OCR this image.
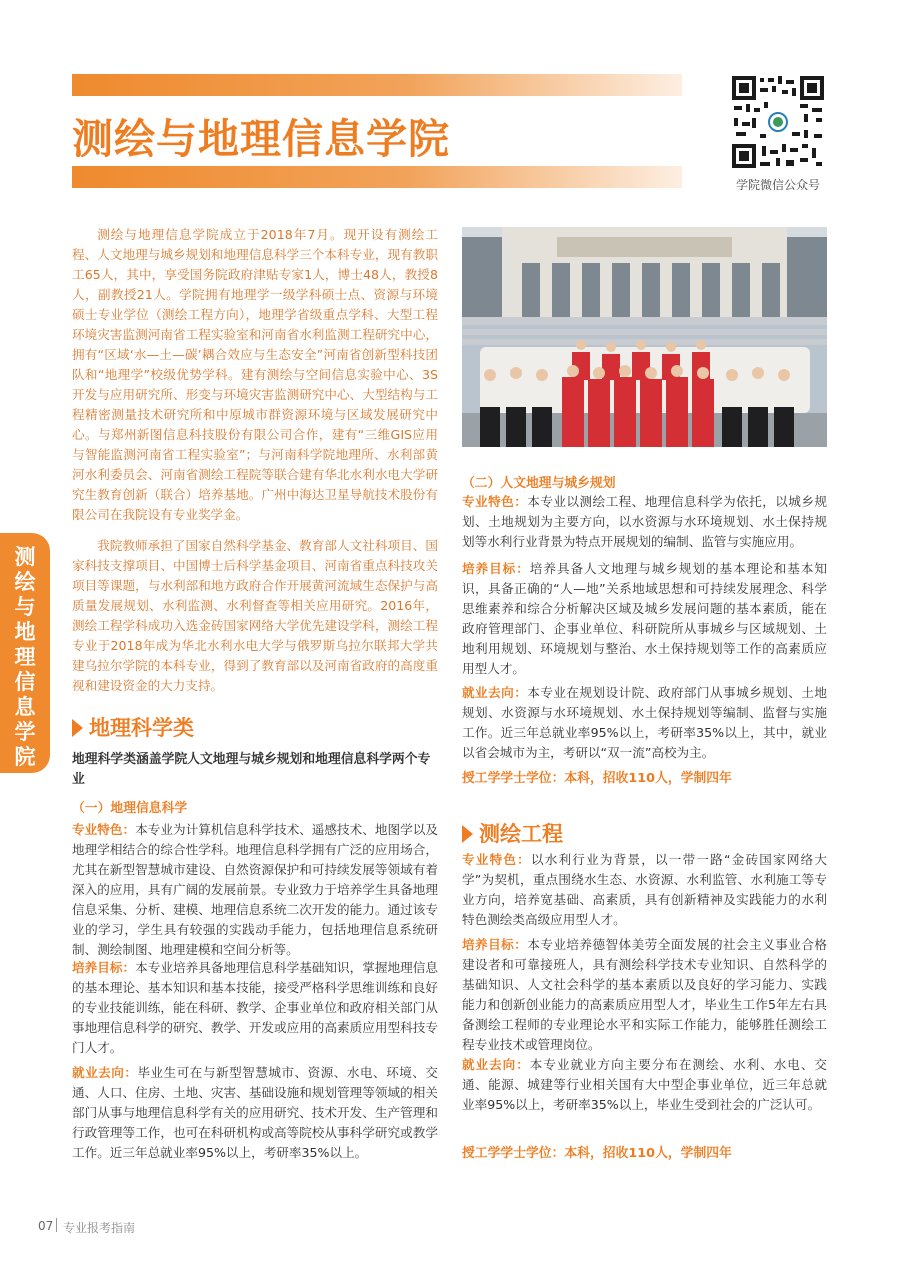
测绘与地理信息学院
学院微信公众号
测绘与地理信息学院
测绘与地理信息学院成立于2018年7月。现开设有测绘工程、人文地理与城乡规划和地理信息科学三个本科专业，现有教职工65人，其中，享受国务院政府津贴专家1人，博士48人，教授8人，副教授21人。学院拥有地理学一级学科硕士点、资源与环境硕士专业学位（测绘工程方向），地理学省级重点学科、大型工程环境灾害监测河南省工程实验室和河南省水利监测工程研究中心，拥有“区域‘水—土—碳’耦合效应与生态安全”河南省创新型科技团队和“地理学”校级优势学科。建有测绘与空间信息实验中心、3S开发与应用研究所、形变与环境灾害监测研究中心、大型结构与工程精密测量技术研究所和中原城市群资源环境与区域发展研究中心。与郑州新图信息科技股份有限公司合作，建有“三维GIS应用与智能监测河南省工程实验室”；与河南科学院地理所、水利部黄河水利委员会、河南省测绘工程院等联合建有华北水利水电大学研究生教育创新（联合）培养基地。广州中海达卫星导航技术股份有限公司在我院设有专业奖学金。
我院教师承担了国家自然科学基金、教育部人文社科项目、国家科技支撑项目、中国博士后科学基金项目、河南省重点科技攻关项目等课题，与水利部和地方政府合作开展黄河流域生态保护与高质量发展规划、水利监测、水利督查等相关应用研究。2016年，测绘工程学科成功入选金砖国家网络大学优先建设学科，测绘工程专业于2018年成为华北水利水电大学与俄罗斯乌拉尔联邦大学共建乌拉尔学院的本科专业，得到了教育部以及河南省政府的高度重视和建设资金的大力支持。
地理科学类
地理科学类涵盖学院人文地理与城乡规划和地理信息科学两个专业
（一）地理信息科学
专业特色：本专业为计算机信息科学技术、遥感技术、地图学以及地理学相结合的综合性学科。地理信息科学拥有广泛的应用场合，尤其在新型智慧城市建设、自然资源保护和可持续发展等领域有着深入的应用，具有广阔的发展前景。专业致力于培养学生具备地理信息采集、分析、建模、地理信息系统二次开发的能力。通过该专业的学习，学生具有较强的实践动手能力，包括地理信息系统研制、测绘制图、地理建模和空间分析等。
培养目标：本专业培养具备地理信息科学基础知识，掌握地理信息的基本理论、基本知识和基本技能，接受严格科学思维训练和良好的专业技能训练，能在科研、教学、企事业单位和政府相关部门从事地理信息科学的研究、教学、开发或应用的高素质应用型科技专门人才。
就业去向：毕业生可在与新型智慧城市、资源、水电、环境、交通、人口、住房、土地、灾害、基础设施和规划管理等领域的相关部门从事与地理信息科学有关的应用研究、技术开发、生产管理和行政管理等工作，也可在科研机构或高等院校从事科学研究或教学工作。近三年总就业率95%以上，考研率35%以上。
（二）人文地理与城乡规划
专业特色：本专业以测绘工程、地理信息科学为依托，以城乡规划、土地规划为主要方向，以水资源与水环境规划、水土保持规划等水利行业背景为特点开展规划的编制、监管与实施应用。
培养目标：培养具备人文地理与城乡规划的基本理论和基本知识，具备正确的“人—地”关系地域思想和可持续发展理念、科学思维素养和综合分析解决区域及城乡发展问题的基本素质，能在政府管理部门、企事业单位、科研院所从事城乡与区域规划、土地利用规划、环境规划与整治、水土保持规划等工作的高素质应用型人才。
就业去向：本专业在规划设计院、政府部门从事城乡规划、土地规划、水资源与水环境规划、水土保持规划等编制、监督与实施工作。近三年总就业率95%以上，考研率35%以上，其中，就业以省会城市为主，考研以“双一流”高校为主。
授工学学士学位：本科，招收110人，学制四年
测绘工程
专业特色：以水利行业为背景，以一带一路“金砖国家网络大学”为契机，重点围绕水生态、水资源、水利监管、水利施工等专业方向，培养宽基础、高素质，具有创新精神及实践能力的水利特色测绘类高级应用型人才。
培养目标：本专业培养德智体美劳全面发展的社会主义事业合格建设者和可靠接班人，具有测绘科学技术专业知识、自然科学的基础知识、人文社会科学的基本素质以及良好的学习能力、实践能力和创新创业能力的高素质应用型人才，毕业生工作5年左右具备测绘工程师的专业理论水平和实际工作能力，能够胜任测绘工程专业技术或管理岗位。
就业去向：本专业就业方向主要分布在测绘、水利、水电、交通、能源、城建等行业相关国有大中型企事业单位，近三年总就业率95%以上，考研率35%以上，毕业生受到社会的广泛认可。
授工学学士学位：本科，招收110人，学制四年
07 专业报考指南
